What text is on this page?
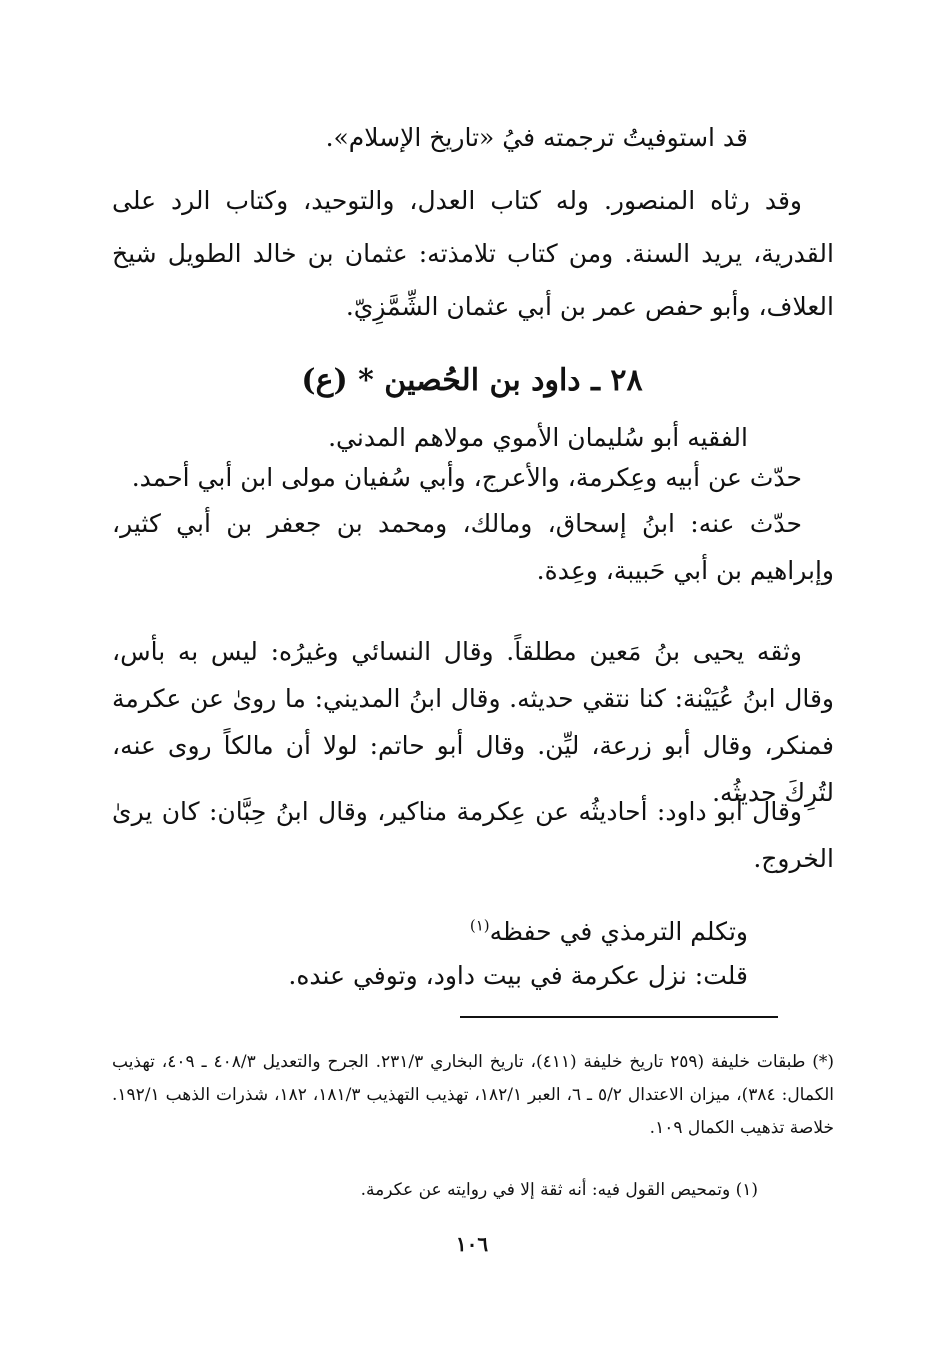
قد استوفيتُ ترجمته فيُ «تاريخ الإسلام».

وقد رثاه المنصور. وله كتاب العدل، والتوحيد، وكتاب الرد على القدرية، يريد السنة. ومن كتاب تلامذته: عثمان بن خالد الطويل شيخ العلاف، وأبو حفص عمر بن أبي عثمان الشِّمَّزِيّ.

٢٨ ـ داود بن الحُصين * (ع)

الفقيه أبو سُليمان الأموي مولاهم المدني.

حدّث عن أبيه وعِكرمة، والأعرج، وأبي سُفيان مولى ابن أبي أحمد.

حدّث عنه: ابنُ إسحاق، ومالك، ومحمد بن جعفر بن أبي كثير، وإبراهيم بن أبي حَبيبة، وعِدة.

وثقه يحيى بنُ مَعين مطلقاً. وقال النسائي وغيرُه: ليس به بأس، وقال ابنُ عُيَيْنة: كنا نتقي حديثه. وقال ابنُ المديني: ما روىٰ عن عكرمة فمنكر، وقال أبو زرعة، ليِّن. وقال أبو حاتم: لولا أن مالكاً روى عنه، لتُرِكَ حديثُه.

وقال أبو داود: أحاديثُه عن عِكرمة مناكير، وقال ابنُ حِبَّان: كان يرىٰ الخروج.

وتكلم الترمذي في حفظه$^{(١)}$

قلت: نزل عكرمة في بيت داود، وتوفي عنده.

(*) طبقات خليفة (٢٥٩ تاريخ خليفة (٤١١)، تاريخ البخاري ٢٣١/٣. الجرح والتعديل ٤٠٨/٣ ـ ٤٠٩، تهذيب الكمال: ٣٨٤)، ميزان الاعتدال ٥/٢ ـ ٦، العبر ١٨٢/١، تهذيب التهذيب ١٨١/٣، ١٨٢، شذرات الذهب ١٩٢/١. خلاصة تذهيب الكمال ١٠٩.

(١) وتمحيص القول فيه: أنه ثقة إلا في روايته عن عكرمة.

١٠٦
